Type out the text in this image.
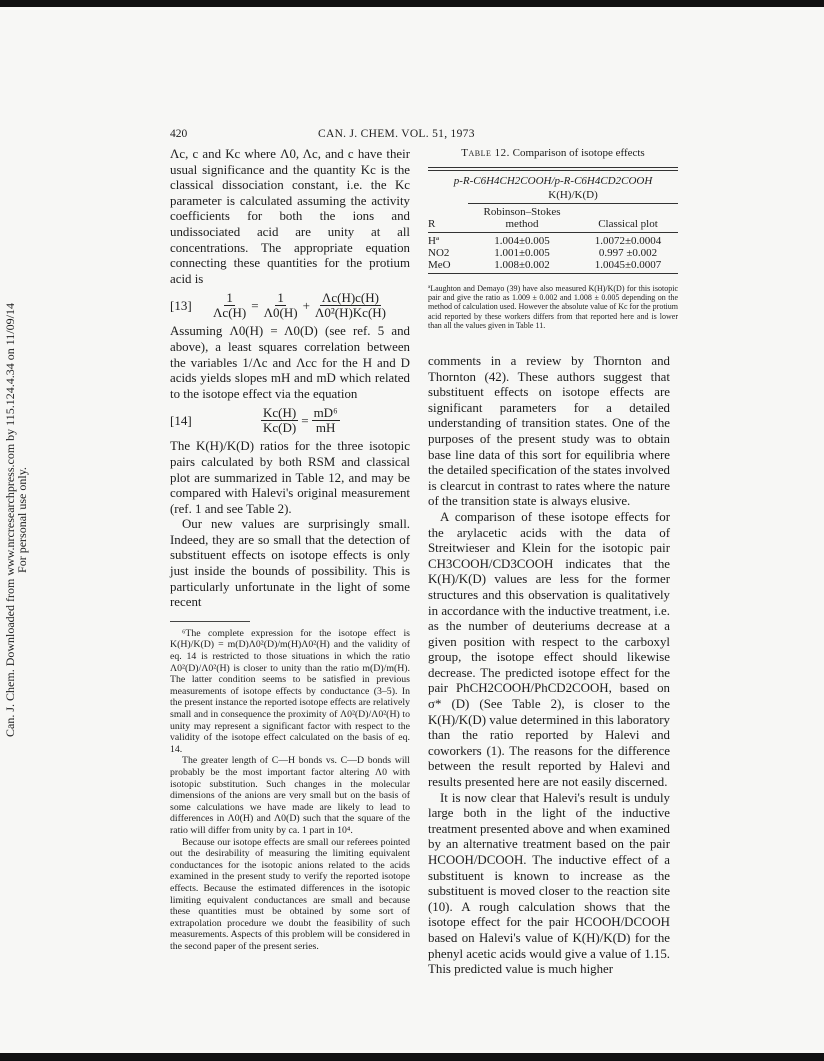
Can. J. Chem. Downloaded from www.nrcresearchpress.com by 115.124.4.34 on 11/09/14
For personal use only.
420	CAN. J. CHEM. VOL. 51, 1973

Λc, c and Kc where Λ0, Λc, and c have their usual significance and the quantity Kc is the classical dissociation constant, i.e. the Kc parameter is calculated assuming the activity coefficients for both the ions and undissociated acid are unity at all concentrations. The appropriate equation connecting these quantities for the protium acid is

[13]	$\frac{1}{\Lambda c(H)} = \frac{1}{\Lambda 0(H)} + \frac{\Lambda c(H)c(H)}{\text{Λ0²(H)Kc(H)}}$

Assuming Λ0(H) = Λ0(D) (see ref. 5 and above), a least squares correlation between the variables 1/Λc and Λcc for the H and D acids yields slopes mH and mD which related to the isotope effect via the equation

[14]	$\frac{Kc(H)}{Kc(D)} = \frac{\text{mD⁶}}{mH}$

The K(H)/K(D) ratios for the three isotopic pairs calculated by both RSM and classical plot are summarized in Table 12, and may be compared with Halevi's original measurement (ref. 1 and see Table 2).

Our new values are surprisingly small. Indeed, they are so small that the detection of substituent effects on isotope effects is only just inside the bounds of possibility. This is particularly unfortunate in the light of some recent

⁶The complete expression for the isotope effect is K(H)/K(D) = m(D)Λ0²(D)/m(H)Λ0²(H) and the validity of eq. 14 is restricted to those situations in which the ratio Λ0²(D)/Λ0²(H) is closer to unity than the ratio m(D)/m(H). The latter condition seems to be satisfied in previous measurements of isotope effects by conductance (3–5). In the present instance the reported isotope effects are relatively small and in consequence the proximity of Λ0²(D)/Λ0²(H) to unity may represent a significant factor with respect to the validity of the isotope effect calculated on the basis of eq. 14.

The greater length of C—H bonds vs. C—D bonds will probably be the most important factor altering Λ0 with isotopic substitution. Such changes in the molecular dimensions of the anions are very small but on the basis of some calculations we have made are likely to lead to differences in Λ0(H) and Λ0(D) such that the square of the ratio will differ from unity by ca. 1 part in 10⁴.

Because our isotope effects are small our referees pointed out the desirability of measuring the limiting equivalent conductances for the isotopic anions related to the acids examined in the present study to verify the reported isotope effects. Because the estimated differences in the isotopic limiting equivalent conductances are small and because these quantities must be obtained by some sort of extrapolation procedure we doubt the feasibility of such measurements. Aspects of this problem will be considered in the second paper of the present series.

Table 12. Comparison of isotope effects
p-R-C6H4CH2COOH/p-R-C6H4CD2COOH
K(H)/K(D)
R
Robinson–Stokes method	Classical plot
Hª	1.004±0.005	1.0072±0.0004
NO2	1.001±0.005	0.997 ±0.002
MeO	1.008±0.002	1.0045±0.0007
ªLaughton and Demayo (39) have also measured K(H)/K(D) for this isotopic pair and give the ratio as 1.009 ± 0.002 and 1.008 ± 0.005 depending on the method of calculation used. However the absolute value of Kc for the protium acid reported by these workers differs from that reported here and is lower than all the values given in Table 11.

comments in a review by Thornton and Thornton (42). These authors suggest that substituent effects on isotope effects are significant parameters for a detailed understanding of transition states. One of the purposes of the present study was to obtain base line data of this sort for equilibria where the detailed specification of the states involved is clearcut in contrast to rates where the nature of the transition state is always elusive.

A comparison of these isotope effects for the arylacetic acids with the data of Streitwieser and Klein for the isotopic pair CH3COOH/CD3COOH indicates that the K(H)/K(D) values are less for the former structures and this observation is qualitatively in accordance with the inductive treatment, i.e. as the number of deuteriums decrease at a given position with respect to the carboxyl group, the isotope effect should likewise decrease. The predicted isotope effect for the pair PhCH2COOH/PhCD2COOH, based on σ* (D) (See Table 2), is closer to the K(H)/K(D) value determined in this laboratory than the ratio reported by Halevi and coworkers (1). The reasons for the difference between the result reported by Halevi and results presented here are not easily discerned.

It is now clear that Halevi's result is unduly large both in the light of the inductive treatment presented above and when examined by an alternative treatment based on the pair HCOOH/DCOOH. The inductive effect of a substituent is known to increase as the substituent is moved closer to the reaction site (10). A rough calculation shows that the isotope effect for the pair HCOOH/DCOOH based on Halevi's value of K(H)/K(D) for the phenyl acetic acids would give a value of 1.15. This predicted value is much higher
